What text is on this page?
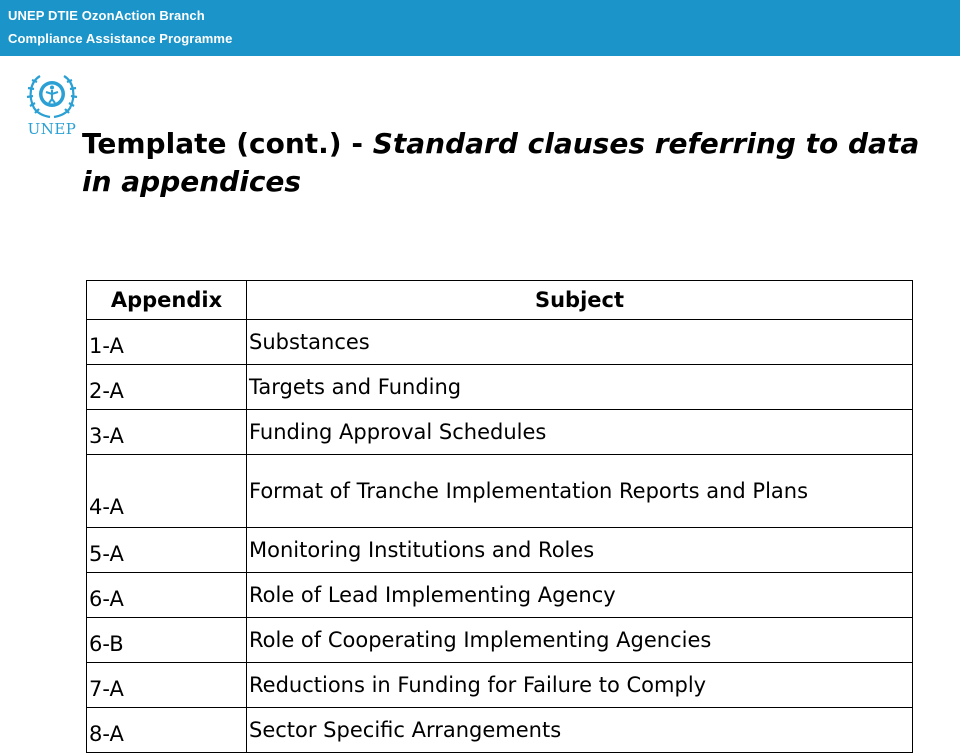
UNEP DTIE OzonAction Branch
Compliance Assistance Programme
UNEP Template (cont.) - Standard clauses referring to data in appendices
Appendix	Subject
1-A	Substances
2-A	Targets and Funding
3-A	Funding Approval Schedules
4-A	Format of Tranche Implementation Reports and Plans
5-A	Monitoring Institutions and Roles
6-A	Role of Lead Implementing Agency
6-B	Role of Cooperating Implementing Agencies
7-A	Reductions in Funding for Failure to Comply
8-A	Sector Specific Arrangements
